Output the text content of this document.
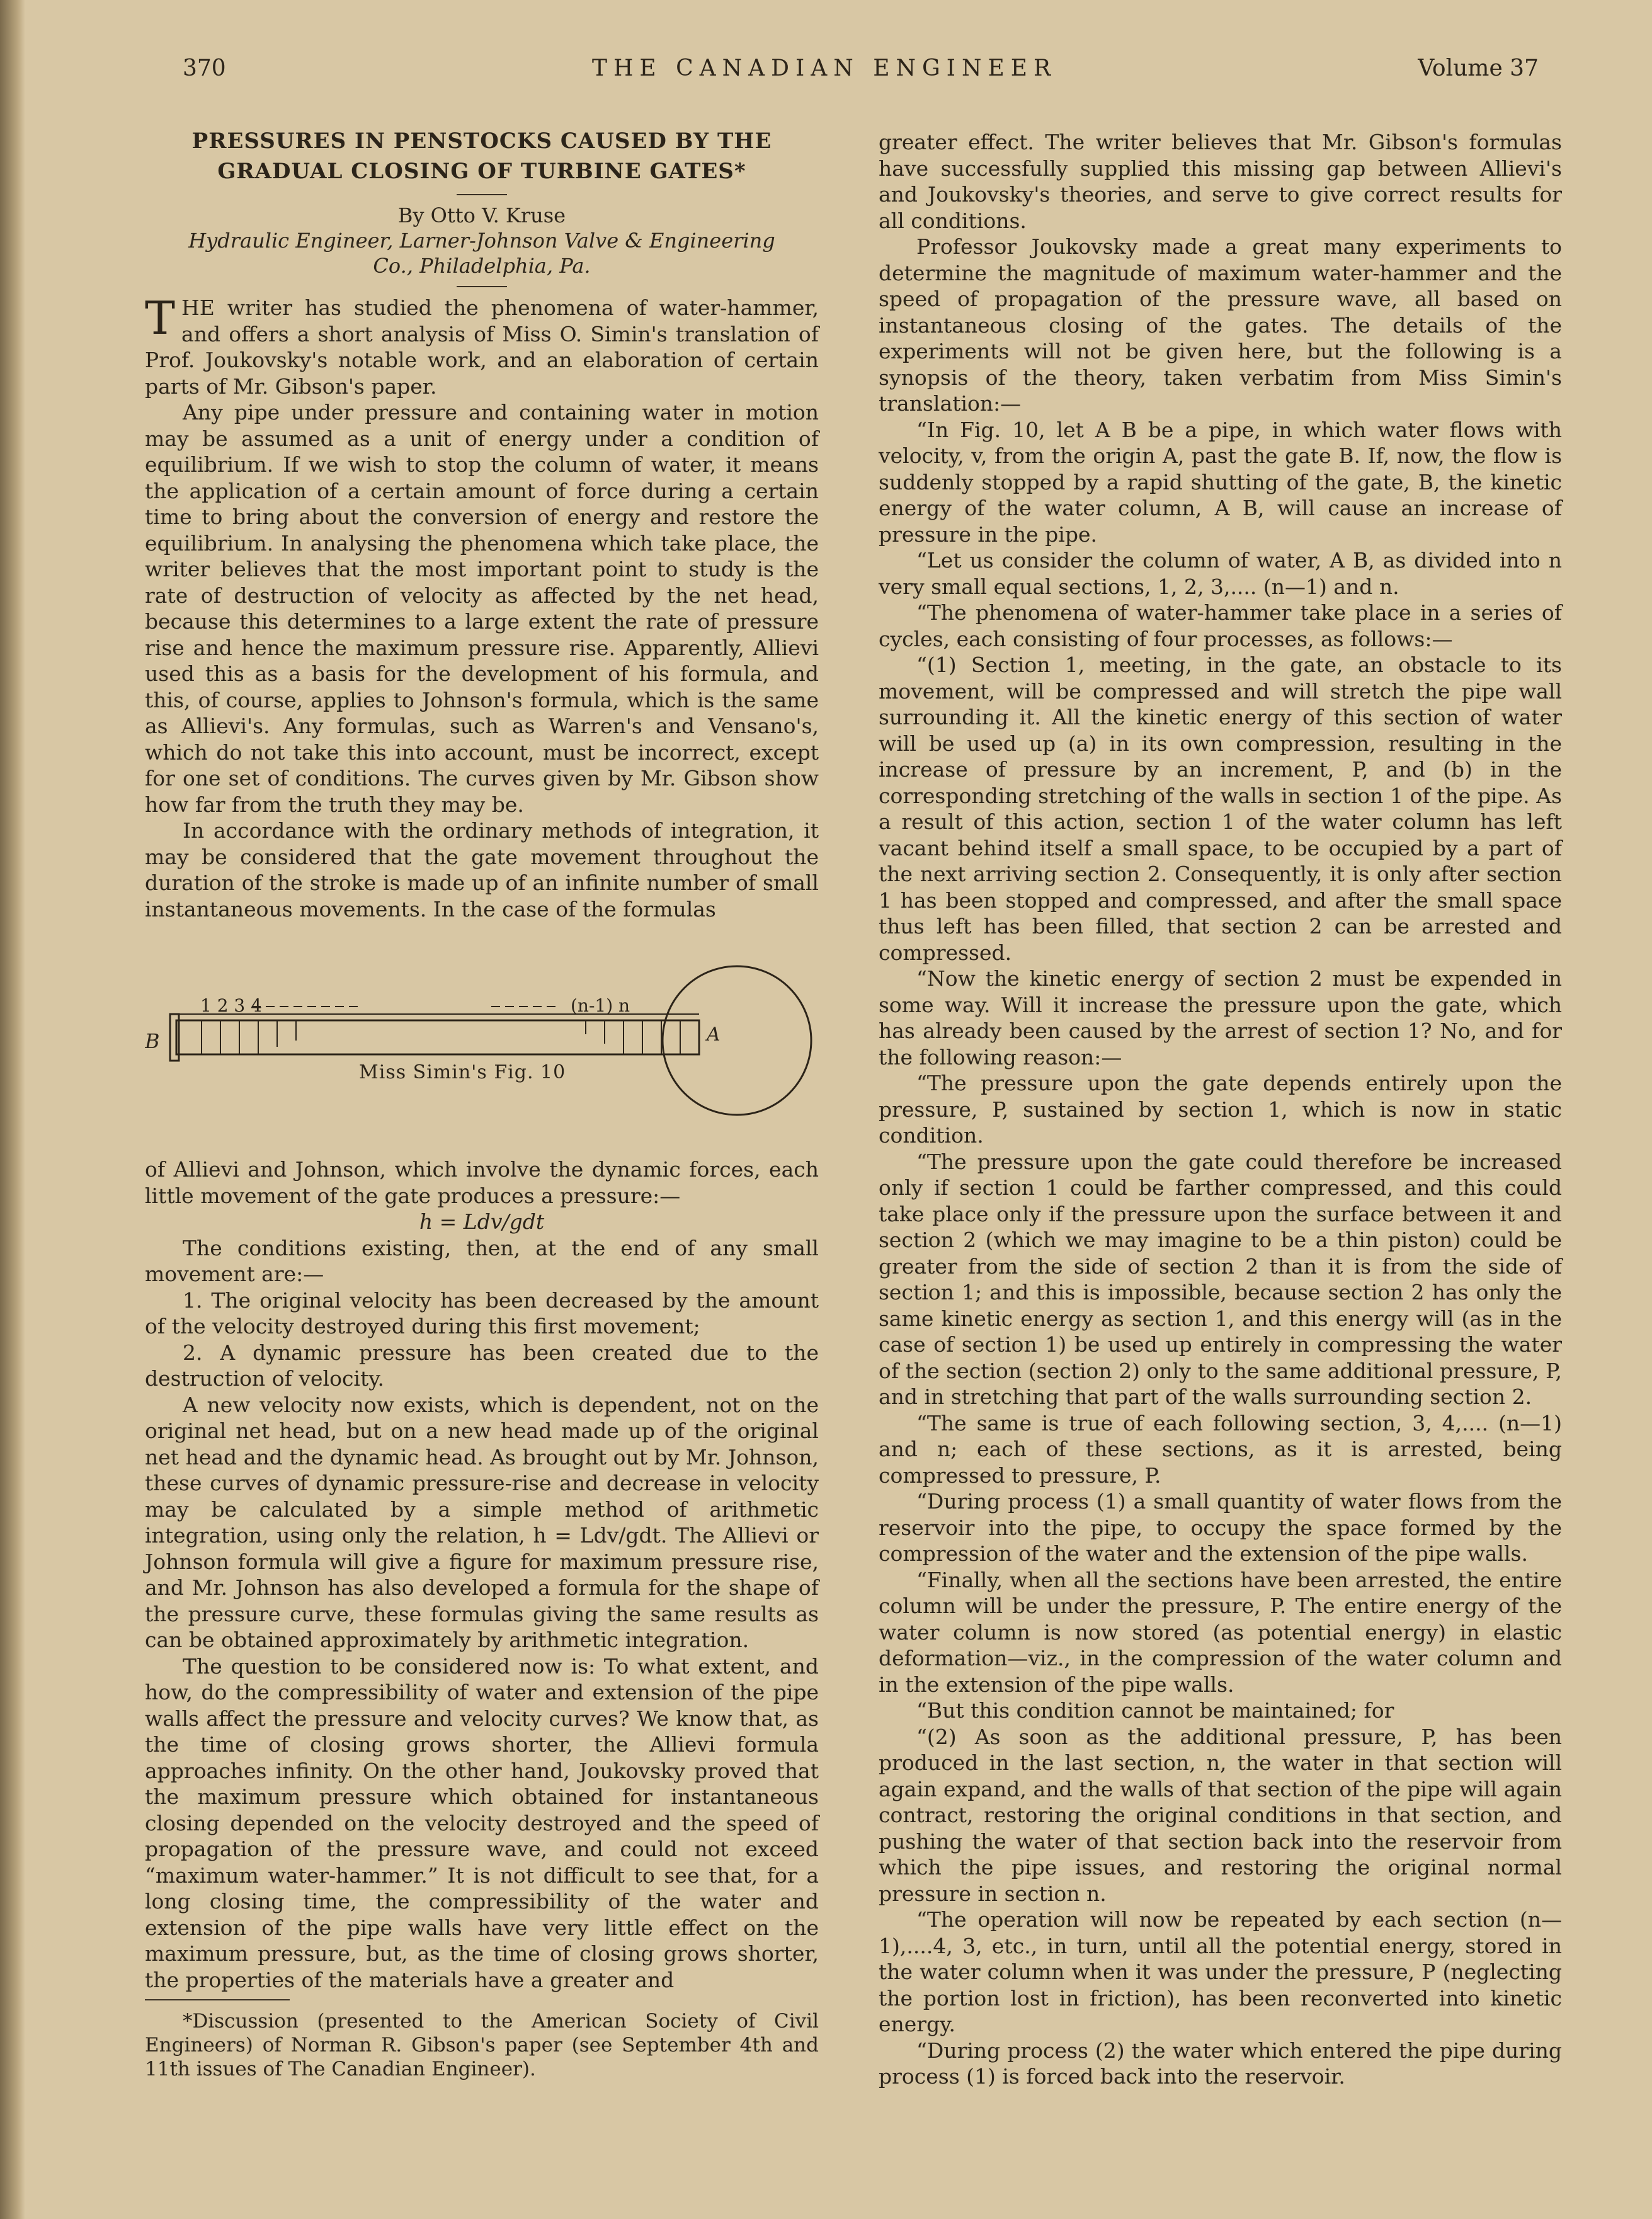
370	THE CANADIAN ENGINEER	Volume 37
PRESSURES IN PENSTOCKS CAUSED BY THE
GRADUAL CLOSING OF TURBINE GATES*
By Otto V. Kruse
Hydraulic Engineer, Larner-Johnson Valve & Engineering
Co., Philadelphia, Pa.

THE writer has studied the phenomena of water-hammer, and offers a short analysis of Miss O. Simin's translation of Prof. Joukovsky's notable work, and an elaboration of certain parts of Mr. Gibson's paper.

Any pipe under pressure and containing water in motion may be assumed as a unit of energy under a condition of equilibrium. If we wish to stop the column of water, it means the application of a certain amount of force during a certain time to bring about the conversion of energy and restore the equilibrium. In analysing the phenomena which take place, the writer believes that the most important point to study is the rate of destruction of velocity as affected by the net head, because this determines to a large extent the rate of pressure rise and hence the maximum pressure rise. Apparently, Allievi used this as a basis for the development of his formula, and this, of course, applies to Johnson's formula, which is the same as Allievi's. Any formulas, such as Warren's and Vensano's, which do not take this into account, must be incorrect, except for one set of conditions. The curves given by Mr. Gibson show how far from the truth they may be.

In accordance with the ordinary methods of integration, it may be considered that the gate movement throughout the duration of the stroke is made up of an infinite number of small instantaneous movements. In the case of the formulas

B	A
1 2 3 4	(n-1) n
Miss Simin's Fig. 10

of Allievi and Johnson, which involve the dynamic forces, each little movement of the gate produces a pressure:—

h = Ldv/gdt

The conditions existing, then, at the end of any small movement are:—

1. The original velocity has been decreased by the amount of the velocity destroyed during this first movement;

2. A dynamic pressure has been created due to the destruction of velocity.

A new velocity now exists, which is dependent, not on the original net head, but on a new head made up of the original net head and the dynamic head. As brought out by Mr. Johnson, these curves of dynamic pressure-rise and decrease in velocity may be calculated by a simple method of arithmetic integration, using only the relation, h = Ldv/gdt. The Allievi or Johnson formula will give a figure for maximum pressure rise, and Mr. Johnson has also developed a formula for the shape of the pressure curve, these formulas giving the same results as can be obtained approximately by arithmetic integration.

The question to be considered now is: To what extent, and how, do the compressibility of water and extension of the pipe walls affect the pressure and velocity curves? We know that, as the time of closing grows shorter, the Allievi formula approaches infinity. On the other hand, Joukovsky proved that the maximum pressure which obtained for instantaneous closing depended on the velocity destroyed and the speed of propagation of the pressure wave, and could not exceed “maximum water-hammer.” It is not difficult to see that, for a long closing time, the compressibility of the water and extension of the pipe walls have very little effect on the maximum pressure, but, as the time of closing grows shorter, the properties of the materials have a greater and

*Discussion (presented to the American Society of Civil Engineers) of Norman R. Gibson's paper (see September 4th and 11th issues of The Canadian Engineer).

greater effect. The writer believes that Mr. Gibson's formulas have successfully supplied this missing gap between Allievi's and Joukovsky's theories, and serve to give correct results for all conditions.

Professor Joukovsky made a great many experiments to determine the magnitude of maximum water-hammer and the speed of propagation of the pressure wave, all based on instantaneous closing of the gates. The details of the experiments will not be given here, but the following is a synopsis of the theory, taken verbatim from Miss Simin's translation:—

“In Fig. 10, let A B be a pipe, in which water flows with velocity, v, from the origin A, past the gate B. If, now, the flow is suddenly stopped by a rapid shutting of the gate, B, the kinetic energy of the water column, A B, will cause an increase of pressure in the pipe.

“Let us consider the column of water, A B, as divided into n very small equal sections, 1, 2, 3,.... (n—1) and n.

“The phenomena of water-hammer take place in a series of cycles, each consisting of four processes, as follows:—

“(1) Section 1, meeting, in the gate, an obstacle to its movement, will be compressed and will stretch the pipe wall surrounding it. All the kinetic energy of this section of water will be used up (a) in its own compression, resulting in the increase of pressure by an increment, P, and (b) in the corresponding stretching of the walls in section 1 of the pipe. As a result of this action, section 1 of the water column has left vacant behind itself a small space, to be occupied by a part of the next arriving section 2. Consequently, it is only after section 1 has been stopped and compressed, and after the small space thus left has been filled, that section 2 can be arrested and compressed.

“Now the kinetic energy of section 2 must be expended in some way. Will it increase the pressure upon the gate, which has already been caused by the arrest of section 1? No, and for the following reason:—

“The pressure upon the gate depends entirely upon the pressure, P, sustained by section 1, which is now in static condition.

“The pressure upon the gate could therefore be increased only if section 1 could be farther compressed, and this could take place only if the pressure upon the surface between it and section 2 (which we may imagine to be a thin piston) could be greater from the side of section 2 than it is from the side of section 1; and this is impossible, because section 2 has only the same kinetic energy as section 1, and this energy will (as in the case of section 1) be used up entirely in compressing the water of the section (section 2) only to the same additional pressure, P, and in stretching that part of the walls surrounding section 2.

“The same is true of each following section, 3, 4,.... (n—1) and n; each of these sections, as it is arrested, being compressed to pressure, P.

“During process (1) a small quantity of water flows from the reservoir into the pipe, to occupy the space formed by the compression of the water and the extension of the pipe walls.

“Finally, when all the sections have been arrested, the entire column will be under the pressure, P. The entire energy of the water column is now stored (as potential energy) in elastic deformation—viz., in the compression of the water column and in the extension of the pipe walls.

“But this condition cannot be maintained; for

“(2) As soon as the additional pressure, P, has been produced in the last section, n, the water in that section will again expand, and the walls of that section of the pipe will again contract, restoring the original conditions in that section, and pushing the water of that section back into the reservoir from which the pipe issues, and restoring the original normal pressure in section n.

“The operation will now be repeated by each section (n—1),....4, 3, etc., in turn, until all the potential energy, stored in the water column when it was under the pressure, P (neglecting the portion lost in friction), has been reconverted into kinetic energy.

“During process (2) the water which entered the pipe during process (1) is forced back into the reservoir.
